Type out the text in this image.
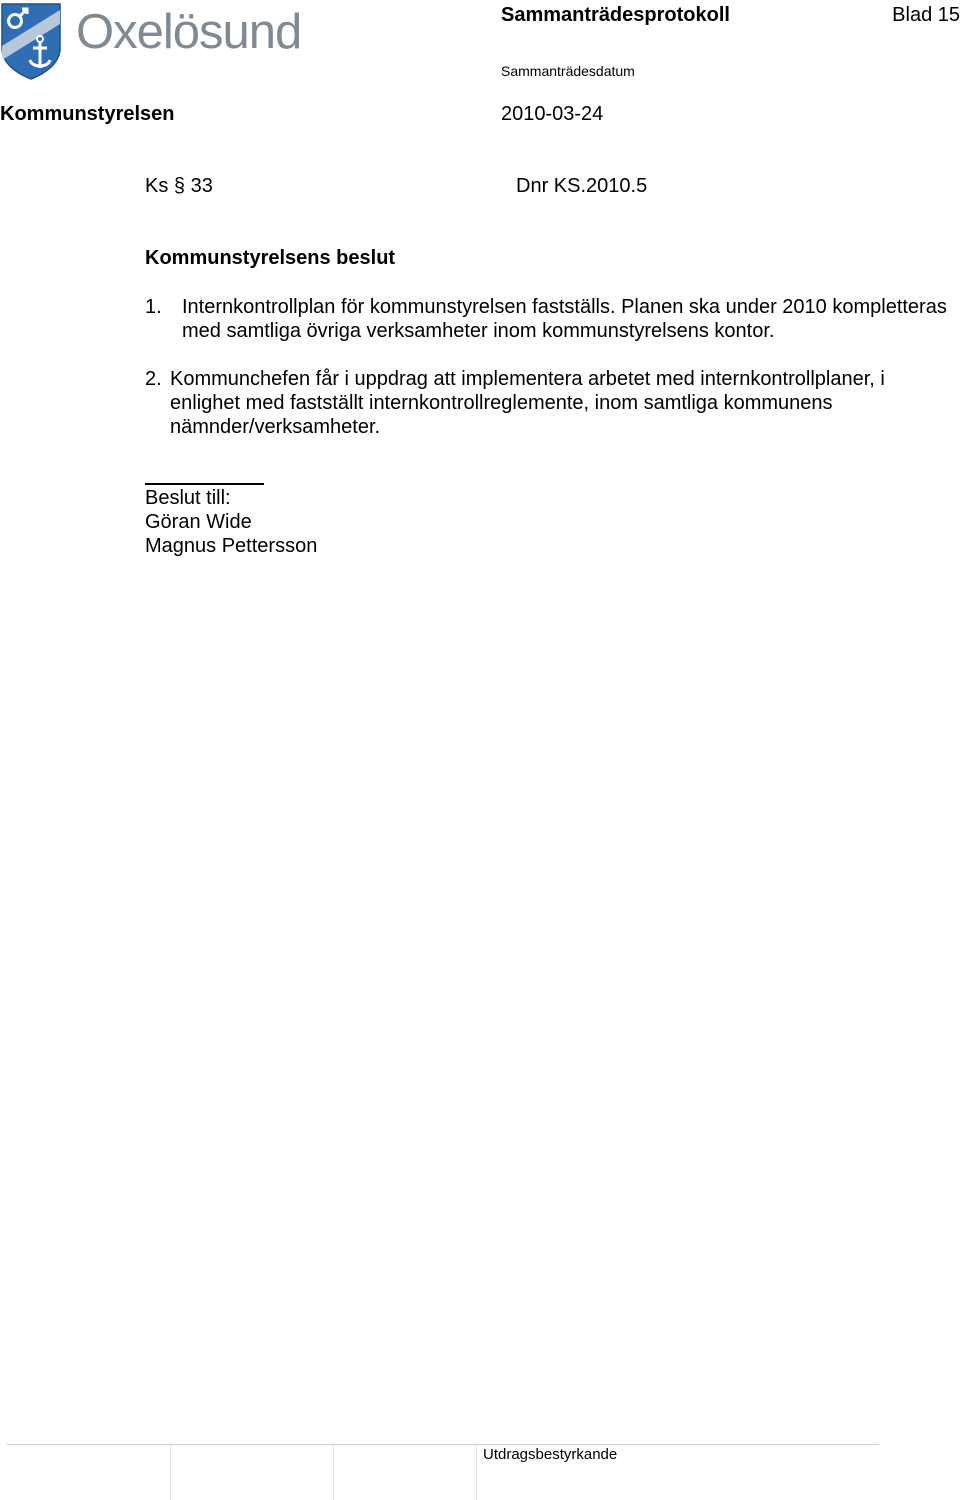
Oxelösund	Sammanträdesprotokoll	Blad 15
Sammanträdesdatum
Kommunstyrelsen	2010-03-24
Ks § 33	Dnr KS.2010.5
Kommunstyrelsens beslut
1.	Internkontrollplan för kommunstyrelsen fastställs. Planen ska under 2010 kompletteras med samtliga övriga verksamheter inom kommunstyrelsens kontor.
2. Kommunchefen får i uppdrag att implementera arbetet med internkontrollplaner, i enlighet med fastställt internkontrollreglemente, inom samtliga kommunens nämnder/verksamheter.
Beslut till:
Göran Wide
Magnus Pettersson
Utdragsbestyrkande
